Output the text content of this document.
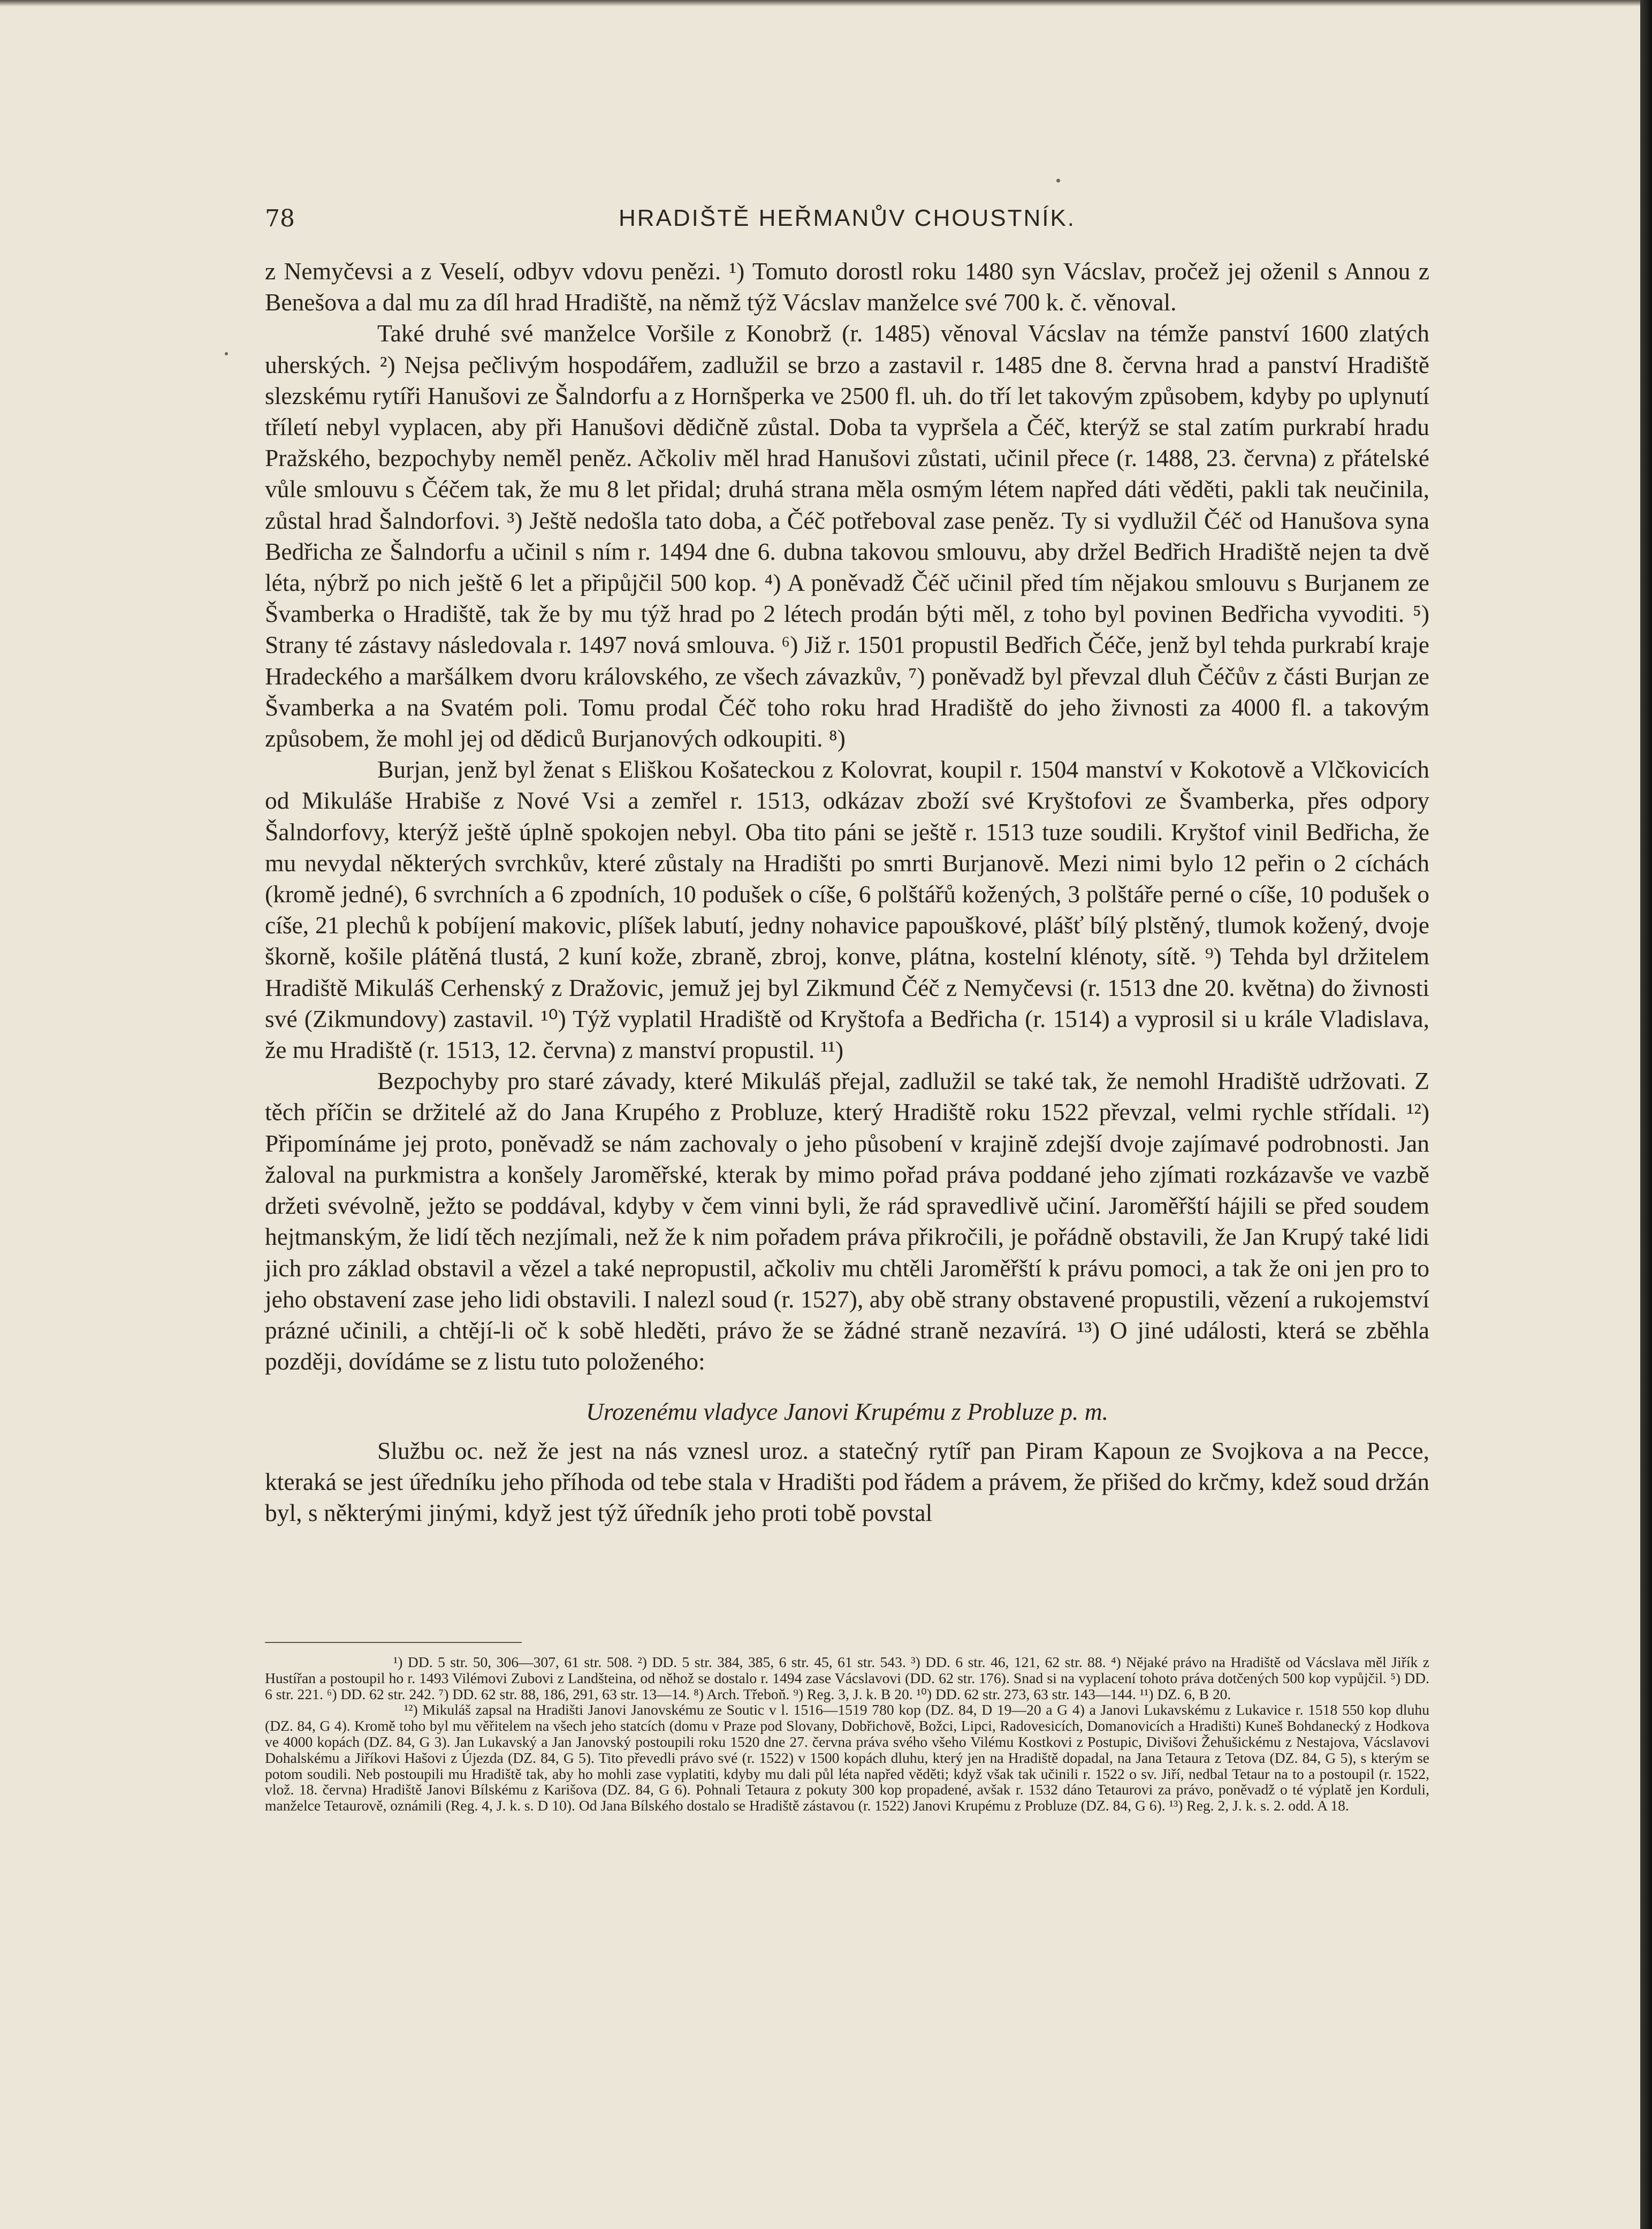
78	HRADIŠTĚ HEŘMANŮV CHOUSTNÍK.

z Nemyčevsi a z Veselí, odbyv vdovu penězi. ¹) Tomuto dorostl roku 1480 syn Vácslav, pročež jej oženil s Annou z Benešova a dal mu za díl hrad Hradiště, na němž týž Vácslav manželce své 700 k. č. věnoval.

Také druhé své manželce Voršile z Konobrž (r. 1485) věnoval Vácslav na témže panství 1600 zlatých uherských. ²) Nejsa pečlivým hospodářem, zadlužil se brzo a zastavil r. 1485 dne 8. června hrad a panství Hradiště slezskému rytíři Hanušovi ze Šalndorfu a z Hornšperka ve 2500 fl. uh. do tří let takovým způsobem, kdyby po uplynutí tříletí nebyl vyplacen, aby při Hanušovi dědičně zůstal. Doba ta vypršela a Čéč, kterýž se stal zatím purkrabí hradu Pražského, bezpochyby neměl peněz. Ačkoliv měl hrad Hanušovi zůstati, učinil přece (r. 1488, 23. června) z přátelské vůle smlouvu s Čéčem tak, že mu 8 let přidal; druhá strana měla osmým létem napřed dáti věděti, pakli tak neučinila, zůstal hrad Šalndorfovi. ³) Ještě nedošla tato doba, a Čéč potřeboval zase peněz. Ty si vydlužil Čéč od Hanušova syna Bedřicha ze Šalndorfu a učinil s ním r. 1494 dne 6. dubna takovou smlouvu, aby držel Bedřich Hradiště nejen ta dvě léta, nýbrž po nich ještě 6 let a připůjčil 500 kop. ⁴) A poněvadž Čéč učinil před tím nějakou smlouvu s Burjanem ze Švamberka o Hradiště, tak že by mu týž hrad po 2 létech prodán býti měl, z toho byl povinen Bedřicha vyvoditi. ⁵) Strany té zástavy následovala r. 1497 nová smlouva. ⁶) Již r. 1501 propustil Bedřich Čéče, jenž byl tehda purkrabí kraje Hradeckého a maršálkem dvoru královského, ze všech závazkův, ⁷) poněvadž byl převzal dluh Čéčův z části Burjan ze Švamberka a na Svatém poli. Tomu prodal Čéč toho roku hrad Hradiště do jeho živnosti za 4000 fl. a takovým způsobem, že mohl jej od dědiců Burjanových odkoupiti. ⁸)

Burjan, jenž byl ženat s Eliškou Košateckou z Kolovrat, koupil r. 1504 manství v Kokotově a Vlčkovicích od Mikuláše Hrabiše z Nové Vsi a zemřel r. 1513, odkázav zboží své Kryštofovi ze Švamberka, přes odpory Šalndorfovy, kterýž ještě úplně spokojen nebyl. Oba tito páni se ještě r. 1513 tuze soudili. Kryštof vinil Bedřicha, že mu nevydal některých svrchkův, které zůstaly na Hradišti po smrti Burjanově. Mezi nimi bylo 12 peřin o 2 cíchách (kromě jedné), 6 svrchních a 6 zpodních, 10 podušek o cíše, 6 polštářů kožených, 3 polštáře perné o cíše, 10 podušek o cíše, 21 plechů k pobíjení makovic, plíšek labutí, jedny nohavice papouškové, plášť bílý plstěný, tlumok kožený, dvoje škorně, košile plátěná tlustá, 2 kuní kože, zbraně, zbroj, konve, plátna, kostelní klénoty, sítě. ⁹) Tehda byl držitelem Hradiště Mikuláš Cerhenský z Dražovic, jemuž jej byl Zikmund Čéč z Nemyčevsi (r. 1513 dne 20. května) do živnosti své (Zikmundovy) zastavil. ¹⁰) Týž vyplatil Hradiště od Kryštofa a Bedřicha (r. 1514) a vyprosil si u krále Vladislava, že mu Hradiště (r. 1513, 12. června) z manství propustil. ¹¹)

Bezpochyby pro staré závady, které Mikuláš přejal, zadlužil se také tak, že nemohl Hradiště udržovati. Z těch příčin se držitelé až do Jana Krupého z Probluze, který Hradiště roku 1522 převzal, velmi rychle střídali. ¹²) Připomínáme jej proto, poněvadž se nám zachovaly o jeho působení v krajině zdejší dvoje zajímavé podrobnosti. Jan žaloval na purkmistra a konšely Jaroměřské, kterak by mimo pořad práva poddané jeho zjímati rozkázavše ve vazbě držeti svévolně, ježto se poddával, kdyby v čem vinni byli, že rád spravedlivě učiní. Jaroměřští hájili se před soudem hejtmanským, že lidí těch nezjímali, než že k nim pořadem práva přikročili, je pořádně obstavili, že Jan Krupý také lidi jich pro základ obstavil a vězel a také nepropustil, ačkoliv mu chtěli Jaroměřští k právu pomoci, a tak že oni jen pro to jeho obstavení zase jeho lidi obstavili. I nalezl soud (r. 1527), aby obě strany obstavené propustili, vězení a rukojemství prázné učinili, a chtějí-li oč k sobě hleděti, právo že se žádné straně nezavírá. ¹³) O jiné události, která se zběhla později, dovídáme se z listu tuto položeného:

Urozenému vladyce Janovi Krupému z Probluze p. m.

Službu oc. než že jest na nás vznesl uroz. a statečný rytíř pan Piram Kapoun ze Svojkova a na Pecce, kteraká se jest úředníku jeho příhoda od tebe stala v Hradišti pod řádem a právem, že přišed do krčmy, kdež soud držán byl, s některými jinými, když jest týž úředník jeho proti tobě povstal

¹) DD. 5 str. 50, 306—307, 61 str. 508. ²) DD. 5 str. 384, 385, 6 str. 45, 61 str. 543. ³) DD. 6 str. 46, 121, 62 str. 88. ⁴) Nějaké právo na Hradiště od Vácslava měl Jiřík z Hustířan a postoupil ho r. 1493 Vilémovi Zubovi z Landšteina, od něhož se dostalo r. 1494 zase Vácslavovi (DD. 62 str. 176). Snad si na vyplacení tohoto práva dotčených 500 kop vypůjčil. ⁵) DD. 6 str. 221. ⁶) DD. 62 str. 242. ⁷) DD. 62 str. 88, 186, 291, 63 str. 13—14. ⁸) Arch. Třeboň. ⁹) Reg. 3, J. k. B 20. ¹⁰) DD. 62 str. 273, 63 str. 143—144. ¹¹) DZ. 6, B 20.

¹²) Mikuláš zapsal na Hradišti Janovi Janovskému ze Soutic v l. 1516—1519 780 kop (DZ. 84, D 19—20 a G 4) a Janovi Lukavskému z Lukavice r. 1518 550 kop dluhu (DZ. 84, G 4). Kromě toho byl mu věřitelem na všech jeho statcích (domu v Praze pod Slovany, Dobřichově, Božci, Lipci, Radovesicích, Domanovicích a Hradišti) Kuneš Bohdanecký z Hodkova ve 4000 kopách (DZ. 84, G 3). Jan Lukavský a Jan Janovský postoupili roku 1520 dne 27. června práva svého všeho Vilému Kostkovi z Postupic, Divišovi Žehušickému z Nestajova, Vácslavovi Dohalskému a Jiříkovi Hašovi z Újezda (DZ. 84, G 5). Tito převedli právo své (r. 1522) v 1500 kopách dluhu, který jen na Hradiště dopadal, na Jana Tetaura z Tetova (DZ. 84, G 5), s kterým se potom soudili. Neb postoupili mu Hradiště tak, aby ho mohli zase vyplatiti, kdyby mu dali půl léta napřed věděti; když však tak učinili r. 1522 o sv. Jiří, nedbal Tetaur na to a postoupil (r. 1522, vlož. 18. června) Hradiště Janovi Bílskému z Karišova (DZ. 84, G 6). Pohnali Tetaura z pokuty 300 kop propadené, avšak r. 1532 dáno Tetaurovi za právo, poněvadž o té výplatě jen Korduli, manželce Tetaurově, oznámili (Reg. 4, J. k. s. D 10). Od Jana Bílského dostalo se Hradiště zástavou (r. 1522) Janovi Krupému z Probluze (DZ. 84, G 6). ¹³) Reg. 2, J. k. s. 2. odd. A 18.
